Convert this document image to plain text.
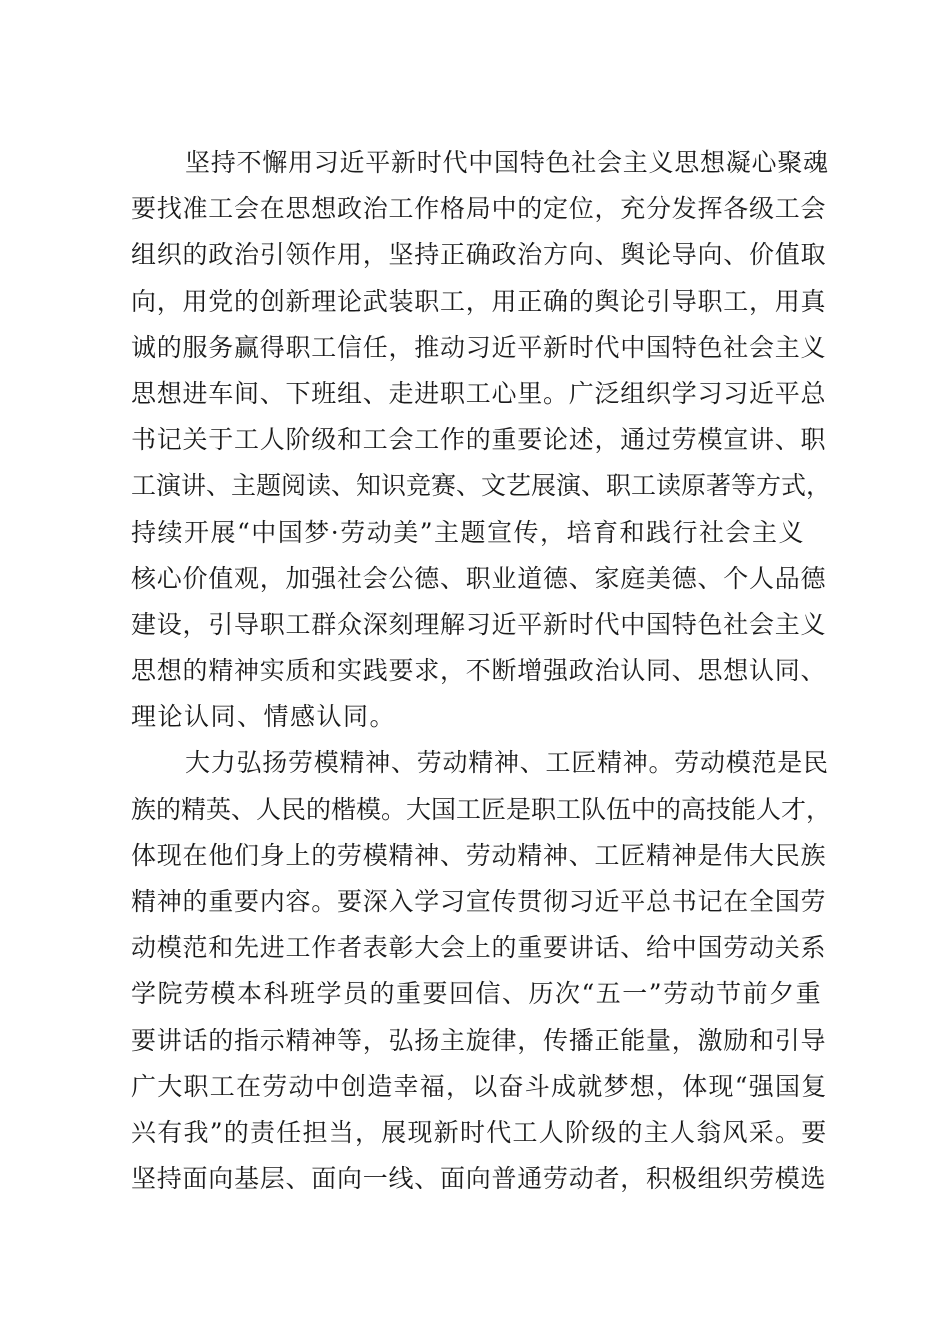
坚持不懈用习近平新时代中国特色社会主义思想凝心聚魂
要找准工会在思想政治工作格局中的定位，充分发挥各级工会
组织的政治引领作用，坚持正确政治方向、舆论导向、价值取
向，用党的创新理论武装职工，用正确的舆论引导职工，用真
诚的服务赢得职工信任，推动习近平新时代中国特色社会主义
思想进车间、下班组、走进职工心里。广泛组织学习习近平总
书记关于工人阶级和工会工作的重要论述，通过劳模宣讲、职
工演讲、主题阅读、知识竞赛、文艺展演、职工读原著等方式，
持续开展“中国梦·劳动美”主题宣传，培育和践行社会主义
核心价值观，加强社会公德、职业道德、家庭美德、个人品德
建设，引导职工群众深刻理解习近平新时代中国特色社会主义
思想的精神实质和实践要求，不断增强政治认同、思想认同、
理论认同、情感认同。
大力弘扬劳模精神、劳动精神、工匠精神。劳动模范是民
族的精英、人民的楷模。大国工匠是职工队伍中的高技能人才，
体现在他们身上的劳模精神、劳动精神、工匠精神是伟大民族
精神的重要内容。要深入学习宣传贯彻习近平总书记在全国劳
动模范和先进工作者表彰大会上的重要讲话、给中国劳动关系
学院劳模本科班学员的重要回信、历次“五一”劳动节前夕重
要讲话的指示精神等，弘扬主旋律，传播正能量，激励和引导
广大职工在劳动中创造幸福，以奋斗成就梦想，体现“强国复
兴有我”的责任担当，展现新时代工人阶级的主人翁风采。要
坚持面向基层、面向一线、面向普通劳动者，积极组织劳模选
